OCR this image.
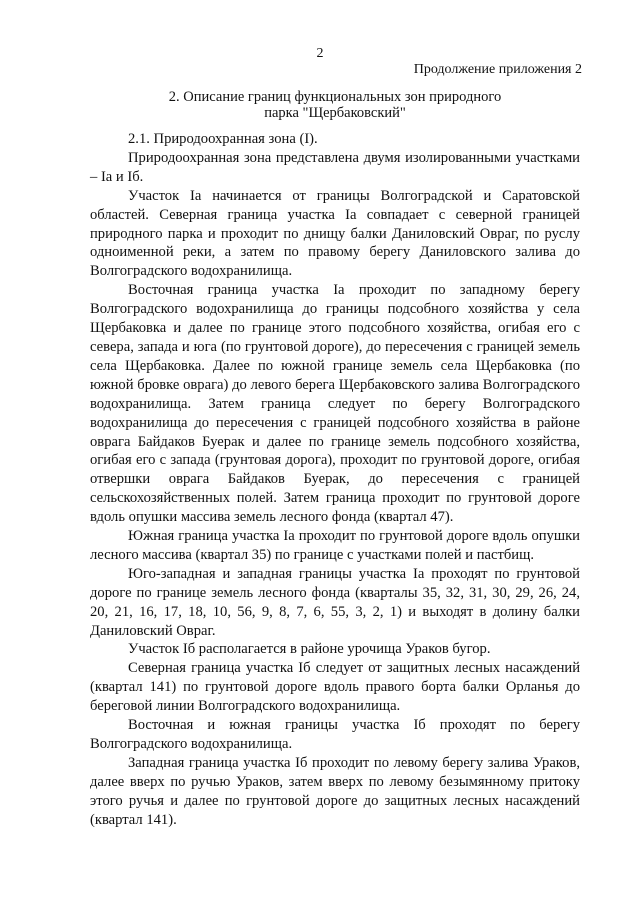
2
Продолжение приложения 2
2. Описание границ функциональных зон природного
парка "Щербаковский"

2.1. Природоохранная зона (I).

Природоохранная зона представлена двумя изолированными участками – Iа и Iб.

Участок Iа начинается от границы Волгоградской и Саратовской областей. Северная граница участка Iа совпадает с северной границей природного парка и проходит по днищу балки Даниловский Овраг, по руслу одноименной реки, а затем по правому берегу Даниловского залива до Волгоградского водохранилища.

Восточная граница участка Iа проходит по западному берегу Волгоградского водохранилища до границы подсобного хозяйства у села Щербаковка и далее по границе этого подсобного хозяйства, огибая его с севера, запада и юга (по грунтовой дороге), до пересечения с границей земель села Щербаковка. Далее по южной границе земель села Щербаковка (по южной бровке оврага) до левого берега Щербаковского залива Волгоградского водохранилища. Затем граница следует по берегу Волгоградского водохранилища до пересечения с границей подсобного хозяйства в районе оврага Байдаков Буерак и далее по границе земель подсобного хозяйства, огибая его с запада (грунтовая дорога), проходит по грунтовой дороге, огибая отвершки оврага Байдаков Буерак, до пересечения с границей сельскохозяйственных полей. Затем граница проходит по грунтовой дороге вдоль опушки массива земель лесного фонда (квартал 47).

Южная граница участка Iа проходит по грунтовой дороге вдоль опушки лесного массива (квартал 35) по границе с участками полей и пастбищ.

Юго-западная и западная границы участка Iа проходят по грунтовой дороге по границе земель лесного фонда (кварталы 35, 32, 31, 30, 29, 26, 24, 20, 21, 16, 17, 18, 10, 56, 9, 8, 7, 6, 55, 3, 2, 1) и выходят в долину балки Даниловский Овраг.

Участок Iб располагается в районе урочища Ураков бугор.

Северная граница участка Iб следует от защитных лесных насаждений (квартал 141) по грунтовой дороге вдоль правого борта балки Орланья до береговой линии Волгоградского водохранилища.

Восточная и южная границы участка Iб проходят по берегу Волгоградского водохранилища.

Западная граница участка Iб проходит по левому берегу залива Ураков, далее вверх по ручью Ураков, затем вверх по левому безымянному притоку этого ручья и далее по грунтовой дороге до защитных лесных насаждений (квартал 141).
